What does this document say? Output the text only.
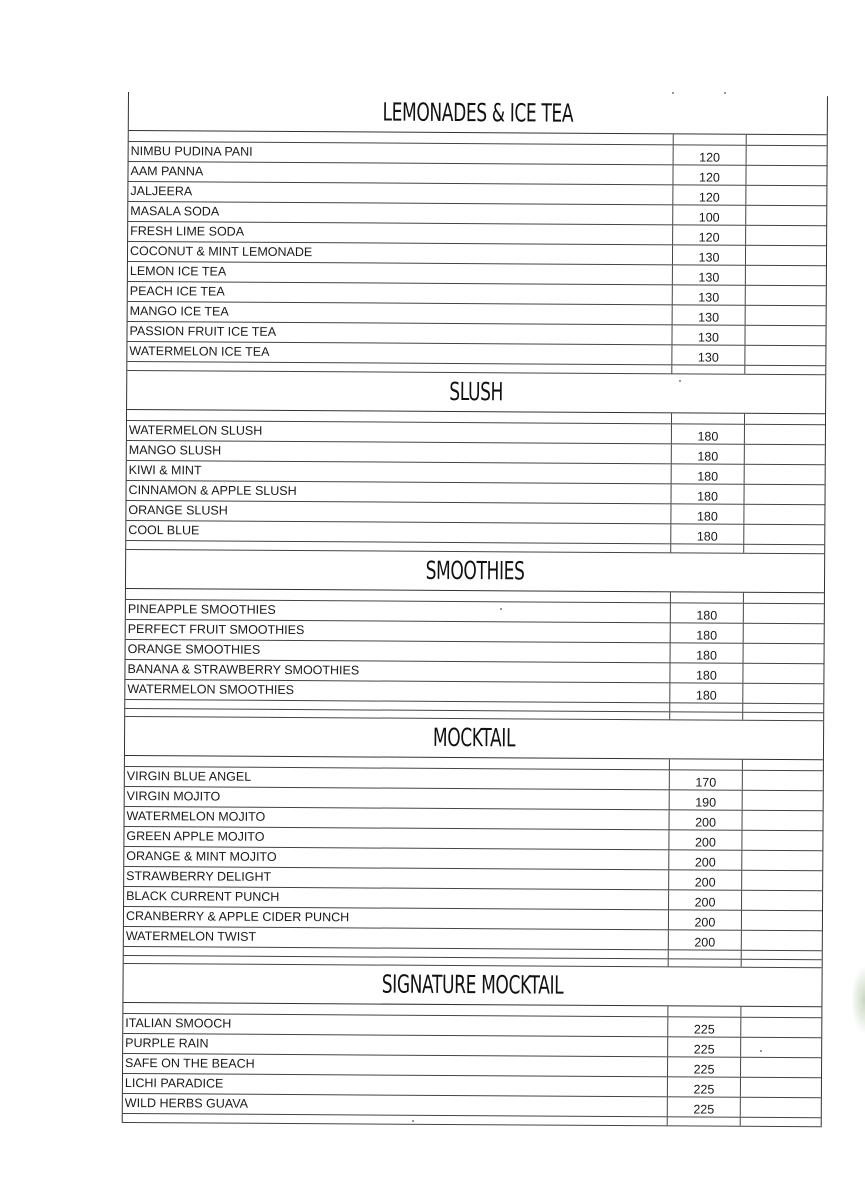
LEMONADES & ICE TEA
NIMBU PUDINA PANI	120
AAM PANNA	120
JALJEERA	120
MASALA SODA	100
FRESH LIME SODA	120
COCONUT & MINT LEMONADE	130
LEMON ICE TEA	130
PEACH ICE TEA	130
MANGO ICE TEA	130
PASSION FRUIT ICE TEA	130
WATERMELON ICE TEA	130
SLUSH
WATERMELON SLUSH	180
MANGO SLUSH	180
KIWI & MINT	180
CINNAMON & APPLE SLUSH	180
ORANGE SLUSH	180
COOL BLUE	180
SMOOTHIES
PINEAPPLE SMOOTHIES	180
PERFECT FRUIT SMOOTHIES	180
ORANGE SMOOTHIES	180
BANANA & STRAWBERRY SMOOTHIES	180
WATERMELON SMOOTHIES	180
MOCKTAIL
VIRGIN BLUE ANGEL	170
VIRGIN MOJITO	190
WATERMELON MOJITO	200
GREEN APPLE MOJITO	200
ORANGE & MINT MOJITO	200
STRAWBERRY DELIGHT	200
BLACK CURRENT PUNCH	200
CRANBERRY & APPLE CIDER PUNCH	200
WATERMELON TWIST	200
SIGNATURE MOCKTAIL
ITALIAN SMOOCH	225
PURPLE RAIN	225
SAFE ON THE BEACH	225
LICHI PARADICE	225
WILD HERBS GUAVA	225
